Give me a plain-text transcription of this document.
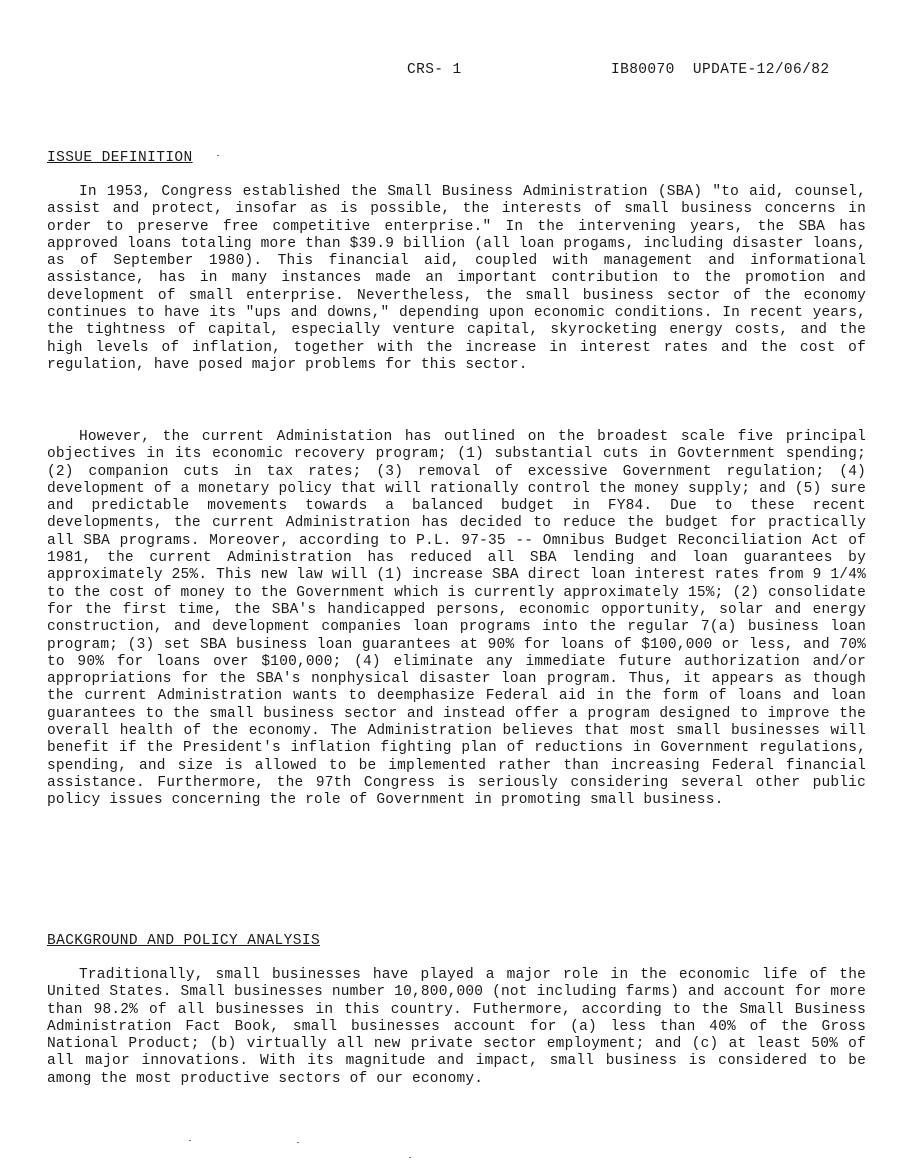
CRS- 1	IB80070  UPDATE-12/06/82
ISSUE DEFINITION

In 1953, Congress established the Small Business Administration (SBA) "to aid, counsel, assist and protect, insofar as is possible, the interests of small business concerns in order to preserve free competitive enterprise." In the intervening years, the SBA has approved loans totaling more than $39.9 billion (all loan progams, including disaster loans, as of September 1980). This financial aid, coupled with management and informational assistance, has in many instances made an important contribution to the promotion and development of small enterprise. Nevertheless, the small business sector of the economy continues to have its "ups and downs," depending upon economic conditions. In recent years, the tightness of capital, especially venture capital, skyrocketing energy costs, and the high levels of inflation, together with the increase in interest rates and the cost of regulation, have posed major problems for this sector.

However, the current Administation has outlined on the broadest scale five principal objectives in its economic recovery program; (1) substantial cuts in Govternment spending; (2) companion cuts in tax rates; (3) removal of excessive Government regulation; (4) development of a monetary policy that will rationally control the money supply; and (5) sure and predictable movements towards a balanced budget in FY84. Due to these recent developments, the current Administration has decided to reduce the budget for practically all SBA programs. Moreover, according to P.L. 97-35 -- Omnibus Budget Reconciliation Act of 1981, the current Administration has reduced all SBA lending and loan guarantees by approximately 25%. This new law will (1) increase SBA direct loan interest rates from 9 1/4% to the cost of money to the Government which is currently approximately 15%; (2) consolidate for the first time, the SBA's handicapped persons, economic opportunity, solar and energy construction, and development companies loan programs into the regular 7(a) business loan program; (3) set SBA business loan guarantees at 90% for loans of $100,000 or less, and 70% to 90% for loans over $100,000; (4) eliminate any immediate future authorization and/or appropriations for the SBA's nonphysical disaster loan program. Thus, it appears as though the current Administration wants to deemphasize Federal aid in the form of loans and loan guarantees to the small business sector and instead offer a program designed to improve the overall health of the economy. The Administration believes that most small businesses will benefit if the President's inflation fighting plan of reductions in Government regulations, spending, and size is allowed to be implemented rather than increasing Federal financial assistance. Furthermore, the 97th Congress is seriously considering several other public policy issues concerning the role of Government in promoting small business.

BACKGROUND AND POLICY ANALYSIS

Traditionally, small businesses have played a major role in the economic life of the United States. Small businesses number 10,800,000 (not including farms) and account for more than 98.2% of all businesses in this country. Futhermore, according to the Small Business Administration Fact Book, small businesses account for (a) less than 40% of the Gross National Product; (b) virtually all new private sector employment; and (c) at least 50% of all major innovations. With its magnitude and impact, small business is considered to be among the most productive sectors of our economy.
